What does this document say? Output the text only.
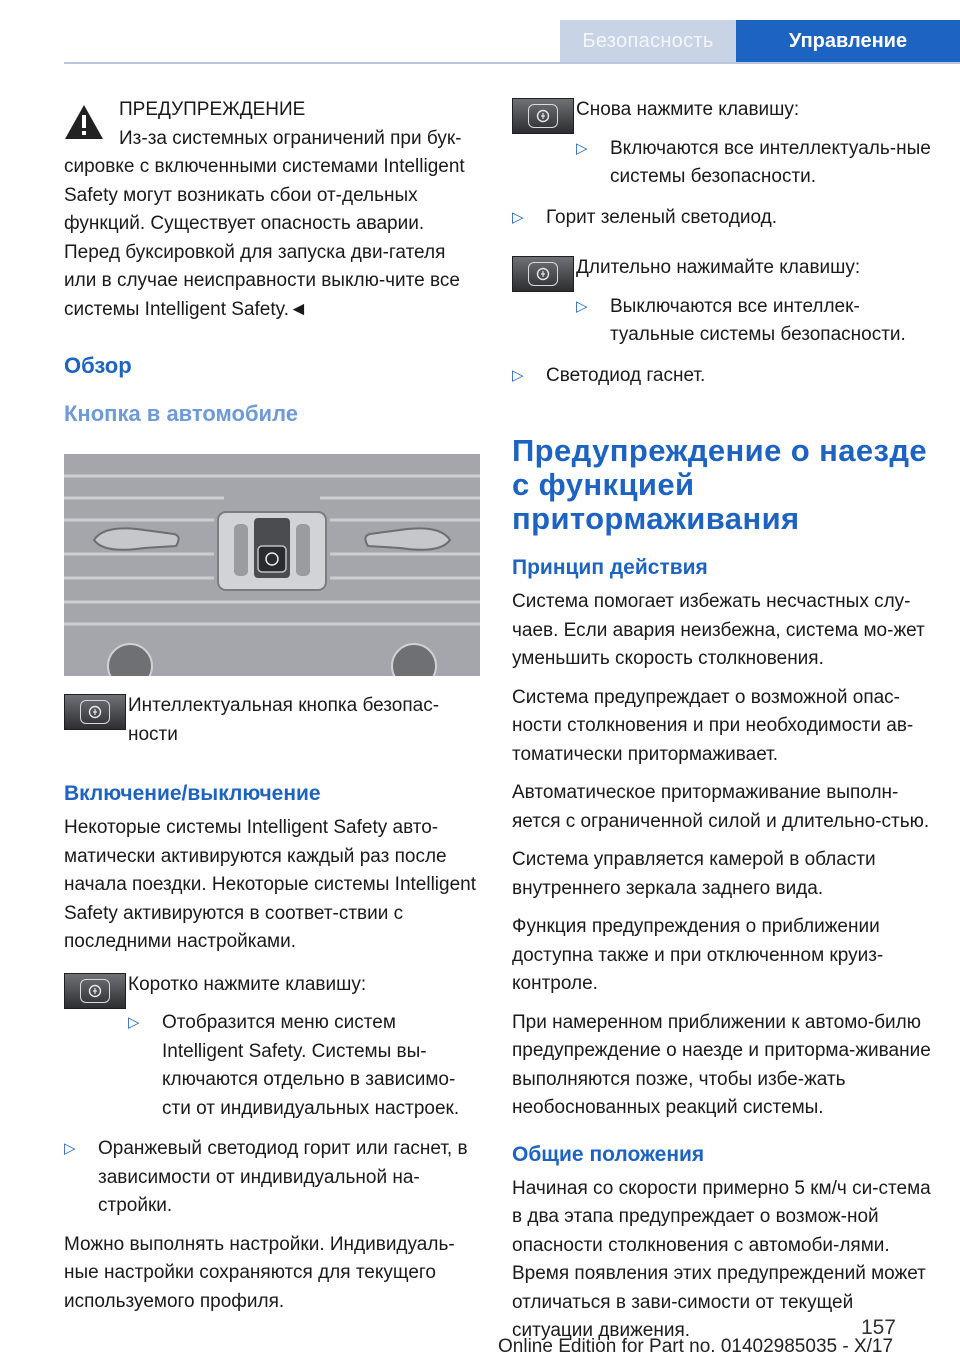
Безопасность	Управление
ПРЕДУПРЕЖДЕНИЕ
Из-за системных ограничений при бук-
сировке с включенными системами Intelligent Safety могут возникать сбои от-дельных функций. Существует опасность аварии. Перед буксировкой для запуска дви-гателя или в случае неисправности выклю-чите все системы Intelligent Safety.◄
Обзор
Кнопка в автомобиле
Интеллектуальная кнопка безопас-ности
Включение/выключение

Некоторые системы Intelligent Safety авто-матически активируются каждый раз после начала поездки. Некоторые системы Intelligent Safety активируются в соответ-ствии с последними настройками.

Коротко нажмите клавишу:

▷ Отобразится меню систем Intelligent Safety. Системы вы-ключаются отдельно в зависимо-сти от индивидуальных настроек.
▷ Оранжевый светодиод горит или гаснет, в зависимости от индивидуальной на-стройки.

Можно выполнять настройки. Индивидуаль-ные настройки сохраняются для текущего используемого профиля.

Снова нажмите клавишу:

▷ Включаются все интеллектуаль-ные системы безопасности.
▷ Горит зеленый светодиод.

Длительно нажимайте клавишу:

▷ Выключаются все интеллек-туальные системы безопасности.
▷ Светодиод гаснет.
Предупреждение о наезде с функцией притормаживания
Принцип действия

Система помогает избежать несчастных слу-чаев. Если авария неизбежна, система мо-жет уменьшить скорость столкновения.

Система предупреждает о возможной опас-ности столкновения и при необходимости ав-томатически притормаживает.

Автоматическое притормаживание выполн-яется с ограниченной силой и длительно-стью.

Система управляется камерой в области внутреннего зеркала заднего вида.

Функция предупреждения о приближении доступна также и при отключенном круиз-контроле.

При намеренном приближении к автомо-билю предупреждение о наезде и притормa-живание выполняются позже, чтобы избе-жать необоснованных реакций системы.

Общие положения

Начиная со скорости примерно 5 км/ч си-стема в два этапа предупреждает о возмож-ной опасности столкновения с автомоби-лями. Время появления этих предупреждений может отличаться в зави-симости от текущей ситуации движения.	157
Online Edition for Part no. 01402985035 - X/17
